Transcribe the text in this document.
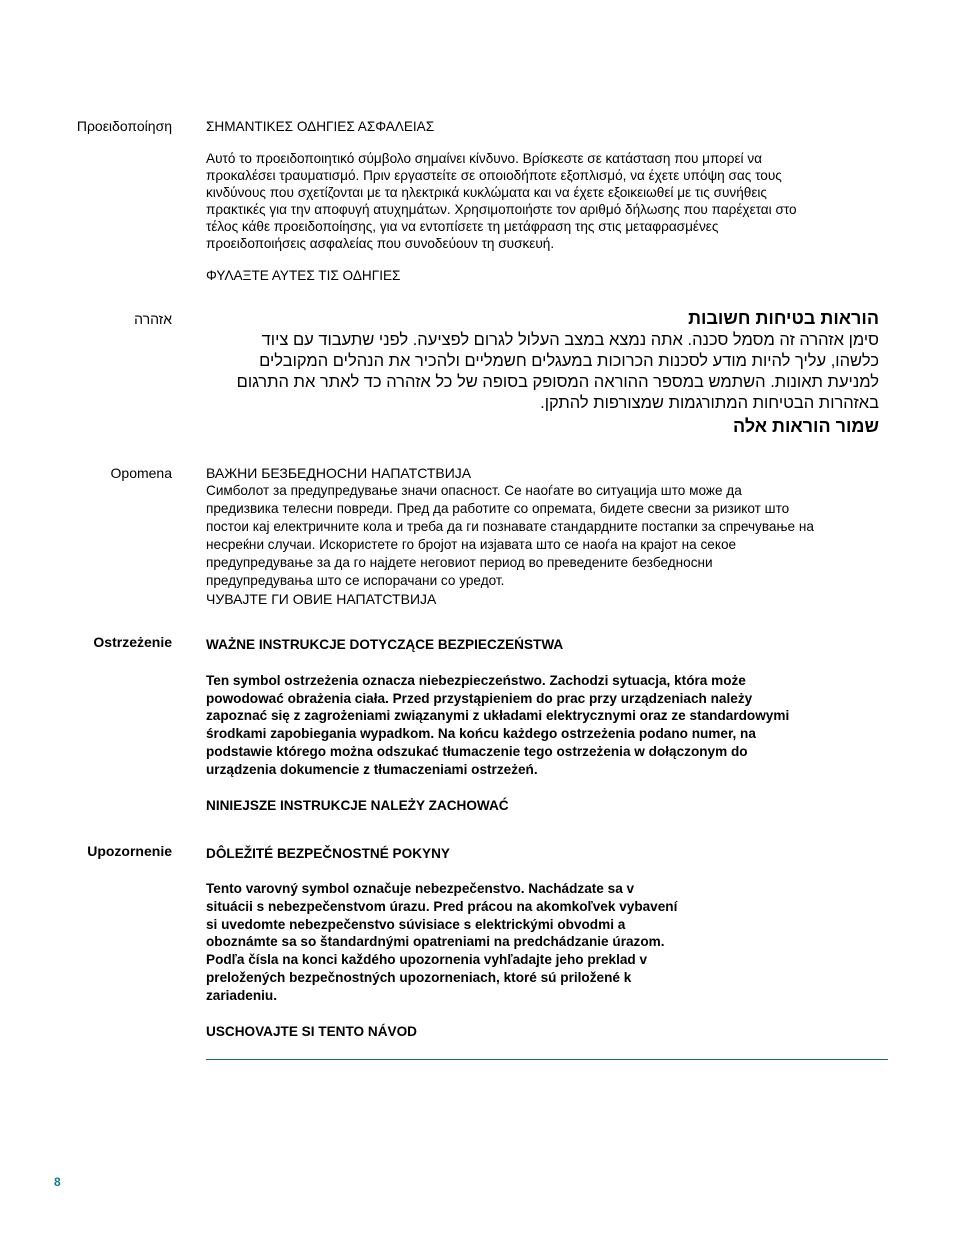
Προειδοποίηση	ΣΗΜΑΝΤΙΚΕΣ ΟΔΗΓΙΕΣ ΑΣΦΑΛΕΙΑΣ

Αυτό το προειδοποιητικό σύμβολο σημαίνει κίνδυνο. Βρίσκεστε σε κατάσταση που μπορεί να

προκαλέσει τραυματισμό. Πριν εργαστείτε σε οποιοδήποτε εξοπλισμό, να έχετε υπόψη σας τους

κινδύνους που σχετίζονται με τα ηλεκτρικά κυκλώματα και να έχετε εξοικειωθεί με τις συνήθεις

πρακτικές για την αποφυγή ατυχημάτων. Χρησιμοποιήστε τον αριθμό δήλωσης που παρέχεται στο

τέλος κάθε προειδοποίησης, για να εντοπίσετε τη μετάφραση της στις μεταφρασμένες

προειδοποιήσεις ασφαλείας που συνοδεύουν τη συσκευή.

ΦΥΛΑΞΤΕ ΑΥΤΕΣ ΤΙΣ ΟΔΗΓΙΕΣ

אזהרה	הוראות בטיחות חשובות

סימן אזהרה זה מסמל סכנה. אתה נמצא במצב העלול לגרום לפציעה. לפני שתעבוד עם ציוד

כלשהו, עליך להיות מודע לסכנות הכרוכות במעגלים חשמליים ולהכיר את הנהלים המקובלים

למניעת תאונות. השתמש במספר ההוראה המסופק בסופה של כל אזהרה כד לאתר את התרגום

באזהרות הבטיחות המתורגמות שמצורפות להתקן.

שמור הוראות אלה

Opomena ВАЖНИ БЕЗБЕДНОСНИ НАПАТСТВИЈА

Симболот за предупредување значи опасност. Се наоѓате во ситуација што може да

предизвика телесни повреди. Пред да работите со опремата, бидете свесни за ризикот што

постои кај електричните кола и треба да ги познавате стандардните постапки за спречување на

несреќни случаи. Искористете го бројот на изјавата што се наоѓа на крајот на секое

предупредување за да го најдете неговиот период во преведените безбедносни

предупредувања што се испорачани со уредот.

ЧУВАЈТЕ ГИ ОВИЕ НАПАТСТВИЈА

Ostrzeżenie	WAŻNE INSTRUKCJE DOTYCZĄCE BEZPIECZEŃSTWA

Ten symbol ostrzeżenia oznacza niebezpieczeństwo. Zachodzi sytuacja, która może

powodować obrażenia ciała. Przed przystąpieniem do prac przy urządzeniach należy

zapoznać się z zagrożeniami związanymi z układami elektrycznymi oraz ze standardowymi

środkami zapobiegania wypadkom. Na końcu każdego ostrzeżenia podano numer, na

podstawie którego można odszukać tłumaczenie tego ostrzeżenia w dołączonym do

urządzenia dokumencie z tłumaczeniami ostrzeżeń.

NINIEJSZE INSTRUKCJE NALEŻY ZACHOWAĆ

Upozornenie	DÔLEŽITÉ BEZPEČNOSTNÉ POKYNY

Tento varovný symbol označuje nebezpečenstvo. Nachádzate sa v

situácii s nebezpečenstvom úrazu. Pred prácou na akomkoľvek vybavení

si uvedomte nebezpečenstvo súvisiace s elektrickými obvodmi a

oboznámte sa so štandardnými opatreniami na predchádzanie úrazom.

Podľa čísla na konci každého upozornenia vyhľadajte jeho preklad v

preložených bezpečnostných upozorneniach, ktoré sú priložené k

zariadeniu.

USCHOVAJTE SI TENTO NÁVOD

8
